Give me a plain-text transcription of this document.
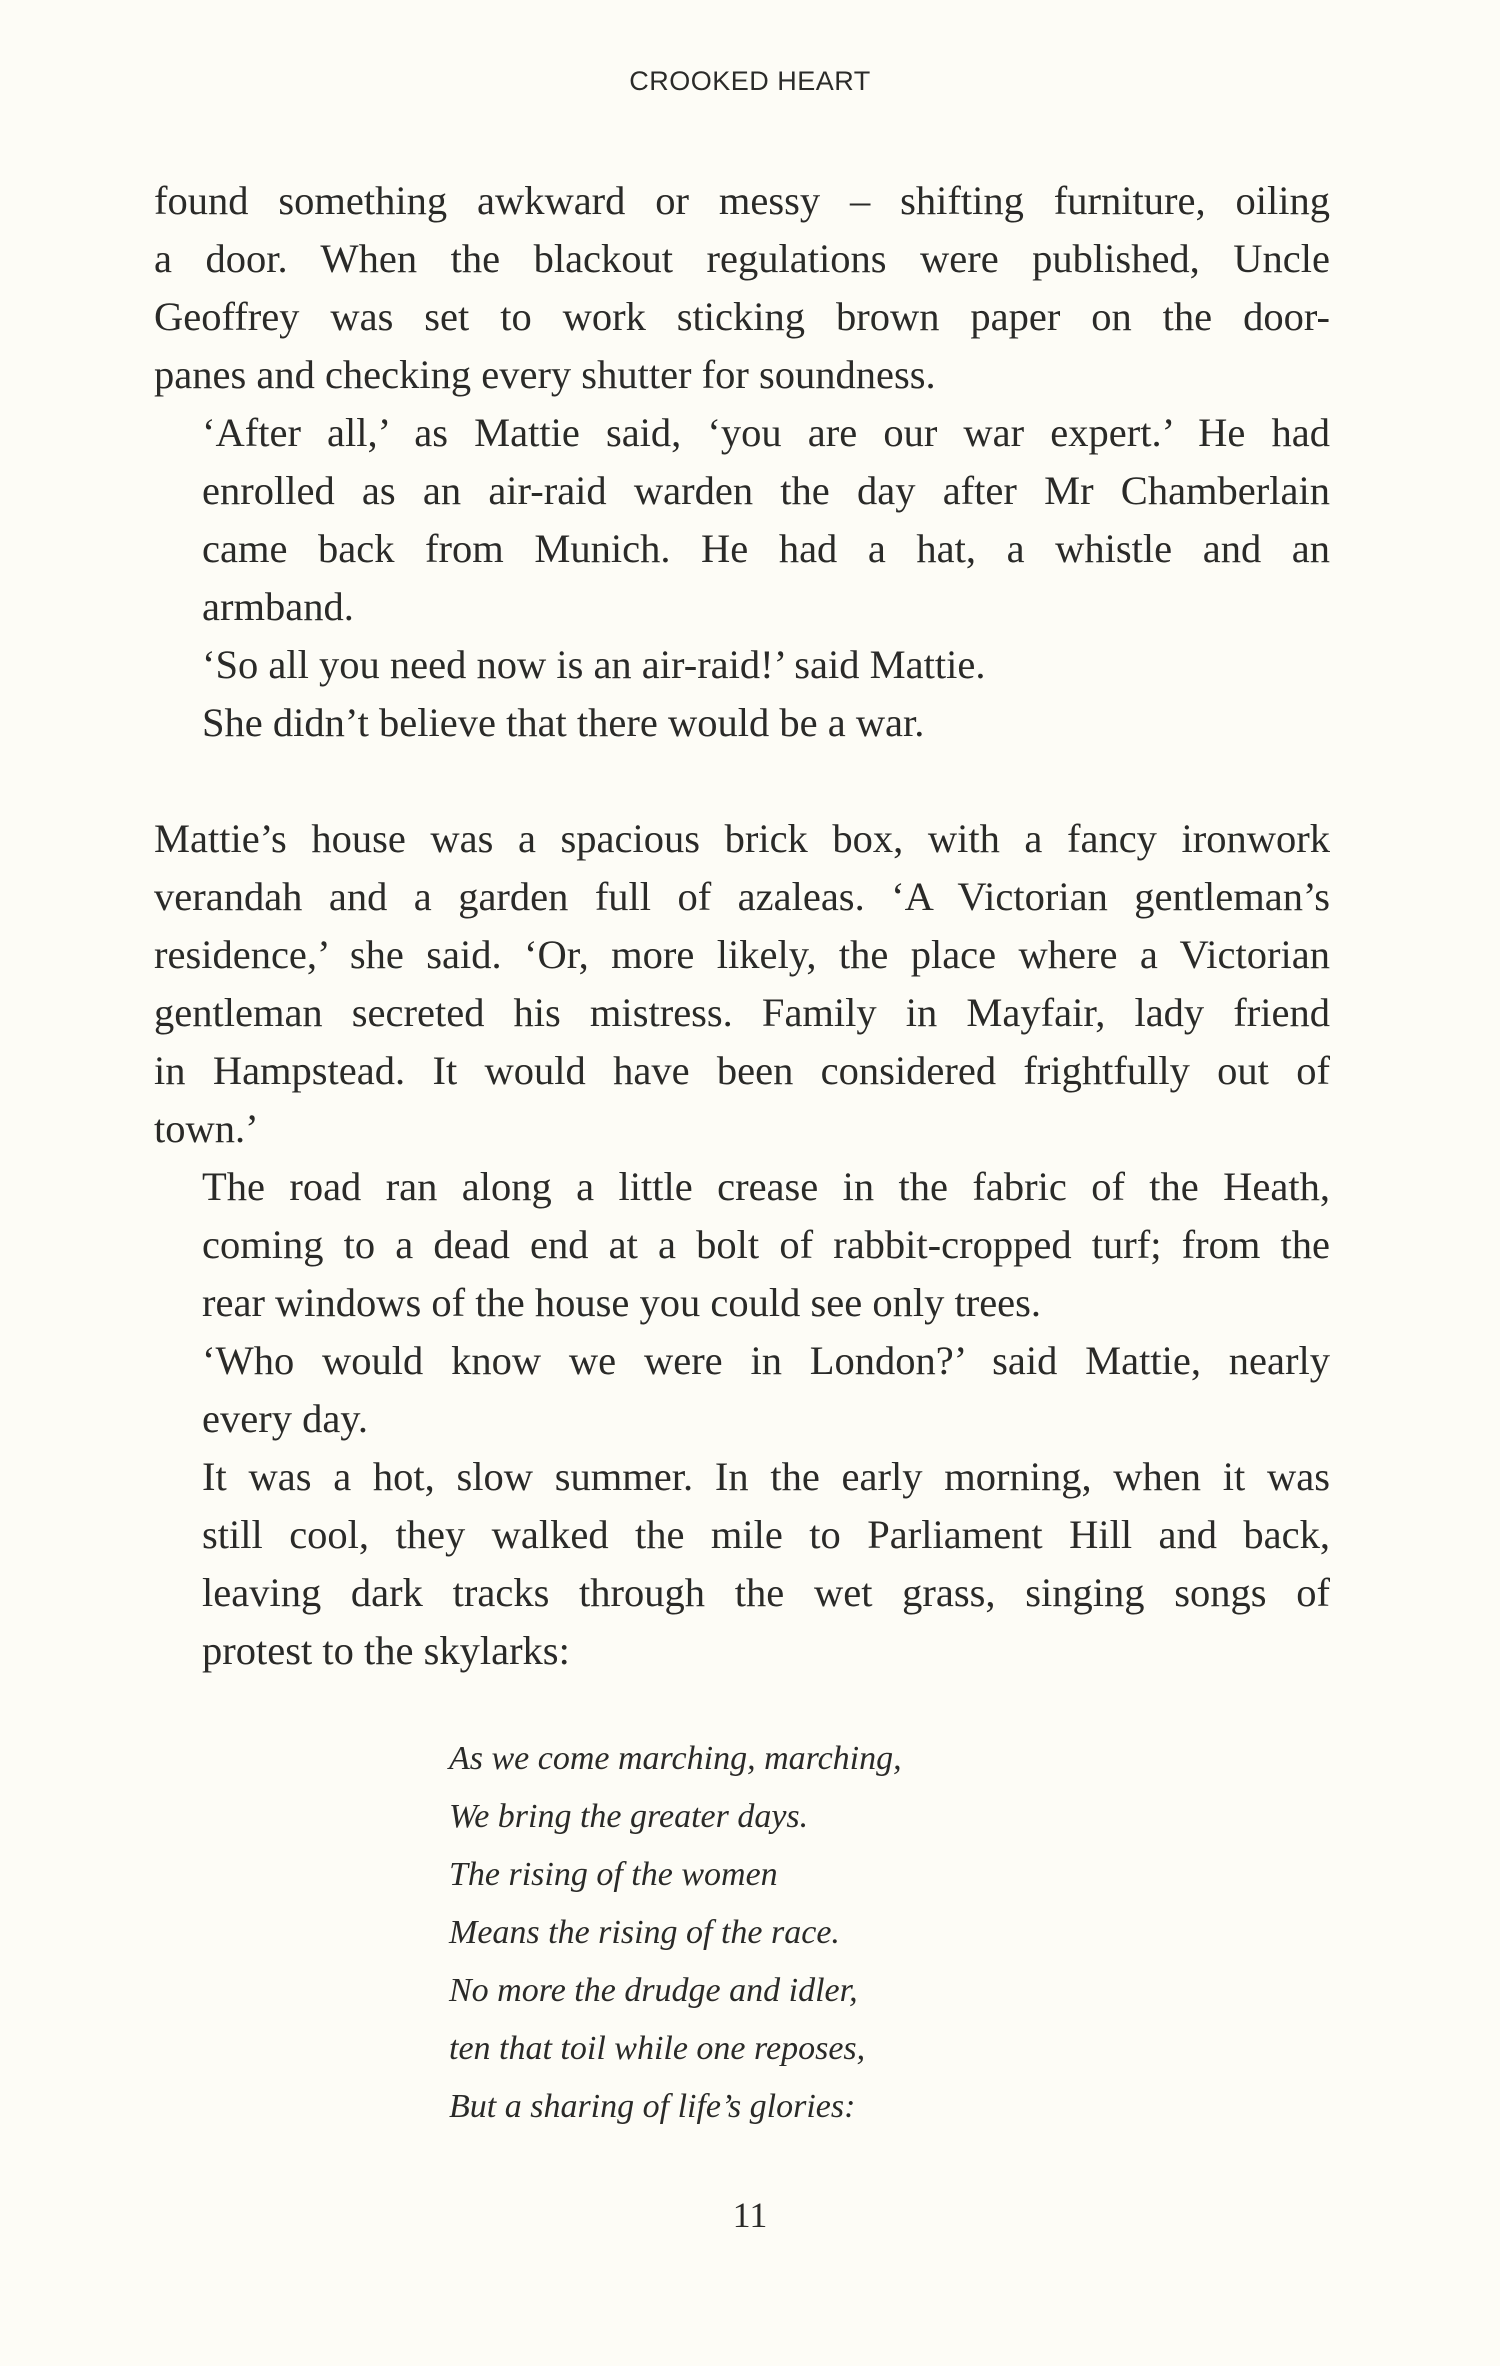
CROOKED HEART

found something awkward or messy – shifting furniture, oiling
a door. When the blackout regulations were published, Uncle
Geoffrey was set to work sticking brown paper on the door-
panes and checking every shutter for soundness.

‘After all,’ as Mattie said, ‘you are our war expert.’ He had
enrolled as an air-raid warden the day after Mr Chamberlain
came back from Munich. He had a hat, a whistle and an
armband.

‘So all you need now is an air-raid!’ said Mattie.

She didn’t believe that there would be a war.

Mattie’s house was a spacious brick box, with a fancy ironwork
verandah and a garden full of azaleas. ‘A Victorian gentleman’s
residence,’ she said. ‘Or, more likely, the place where a Victorian
gentleman secreted his mistress. Family in Mayfair, lady friend
in Hampstead. It would have been considered frightfully out of
town.’

The road ran along a little crease in the fabric of the Heath,
coming to a dead end at a bolt of rabbit-cropped turf; from the
rear windows of the house you could see only trees.

‘Who would know we were in London?’ said Mattie, nearly
every day.

It was a hot, slow summer. In the early morning, when it was
still cool, they walked the mile to Parliament Hill and back,
leaving dark tracks through the wet grass, singing songs of
protest to the skylarks:

As we come marching, marching,
We bring the greater days.
The rising of the women
Means the rising of the race.
No more the drudge and idler,
ten that toil while one reposes,
But a sharing of life’s glories:
11
